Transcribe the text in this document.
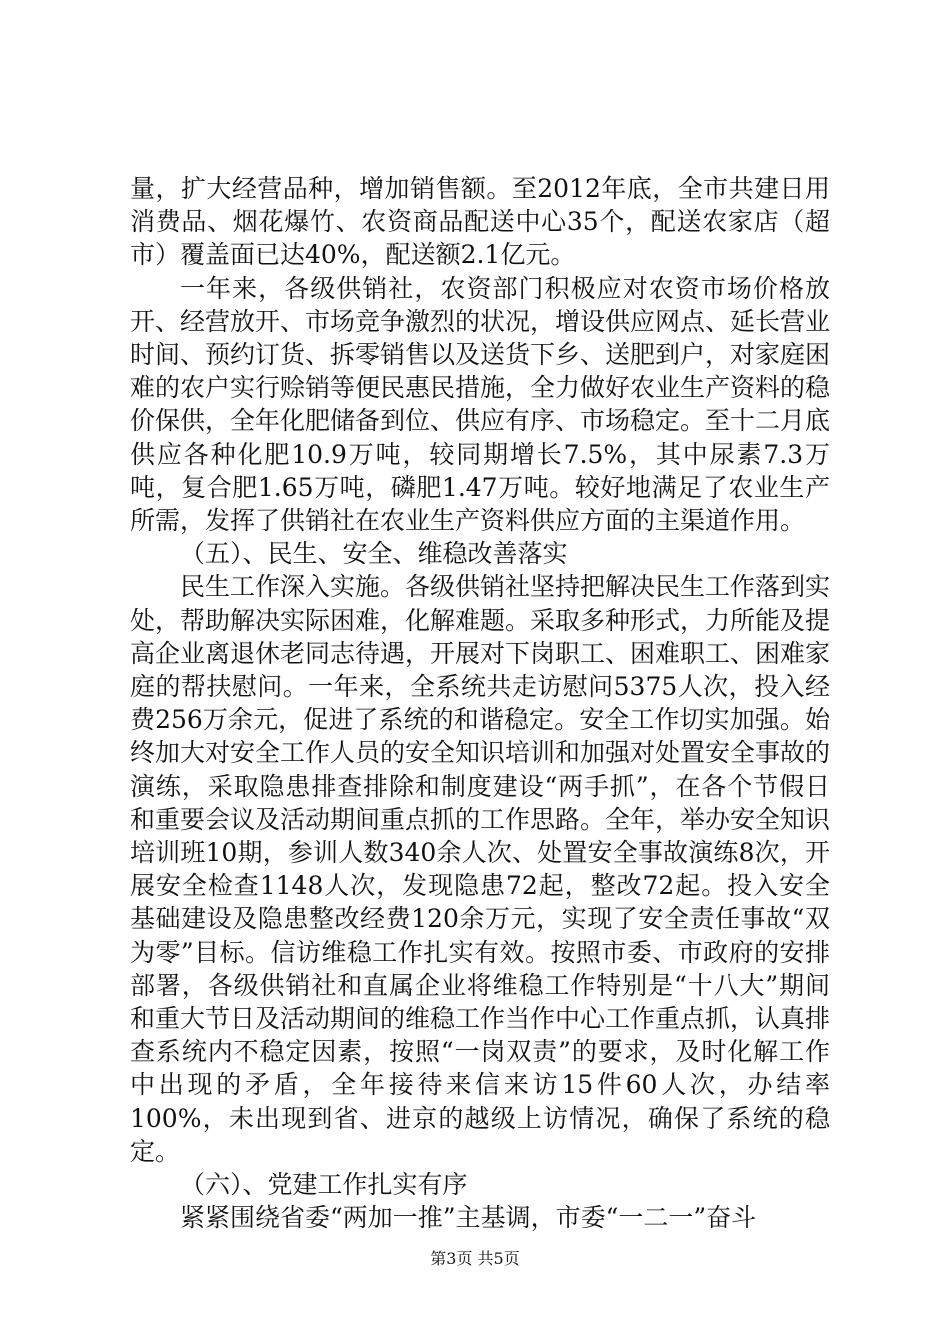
量，扩大经营品种，增加销售额。至2012年底，全市共建日用消费品、烟花爆竹、农资商品配送中心35个，配送农家店（超市）覆盖面已达40%，配送额2.1亿元。

一年来，各级供销社，农资部门积极应对农资市场价格放开、经营放开、市场竞争激烈的状况，增设供应网点、延长营业时间、预约订货、拆零销售以及送货下乡、送肥到户，对家庭困难的农户实行赊销等便民惠民措施，全力做好农业生产资料的稳价保供，全年化肥储备到位、供应有序、市场稳定。至十二月底供应各种化肥10.9万吨，较同期增长7.5%，其中尿素7.3万吨，复合肥1.65万吨，磷肥1.47万吨。较好地满足了农业生产所需，发挥了供销社在农业生产资料供应方面的主渠道作用。

（五）、民生、安全、维稳改善落实

民生工作深入实施。各级供销社坚持把解决民生工作落到实处，帮助解决实际困难，化解难题。采取多种形式，力所能及提高企业离退休老同志待遇，开展对下岗职工、困难职工、困难家庭的帮扶慰问。一年来，全系统共走访慰问5375人次，投入经费256万余元，促进了系统的和谐稳定。安全工作切实加强。始终加大对安全工作人员的安全知识培训和加强对处置安全事故的演练，采取隐患排查排除和制度建设“两手抓”，在各个节假日和重要会议及活动期间重点抓的工作思路。全年，举办安全知识培训班10期，参训人数340余人次、处置安全事故演练8次，开展安全检查1148人次，发现隐患72起，整改72起。投入安全基础建设及隐患整改经费120余万元，实现了安全责任事故“双为零”目标。信访维稳工作扎实有效。按照市委、市政府的安排部署，各级供销社和直属企业将维稳工作特别是“十八大”期间和重大节日及活动期间的维稳工作当作中心工作重点抓，认真排查系统内不稳定因素，按照“一岗双责”的要求，及时化解工作中出现的矛盾，全年接待来信来访15件60人次，办结率100%，未出现到省、进京的越级上访情况，确保了系统的稳定。

（六）、党建工作扎实有序

紧紧围绕省委“两加一推”主基调，市委“一二一”奋斗

第3页 共5页
